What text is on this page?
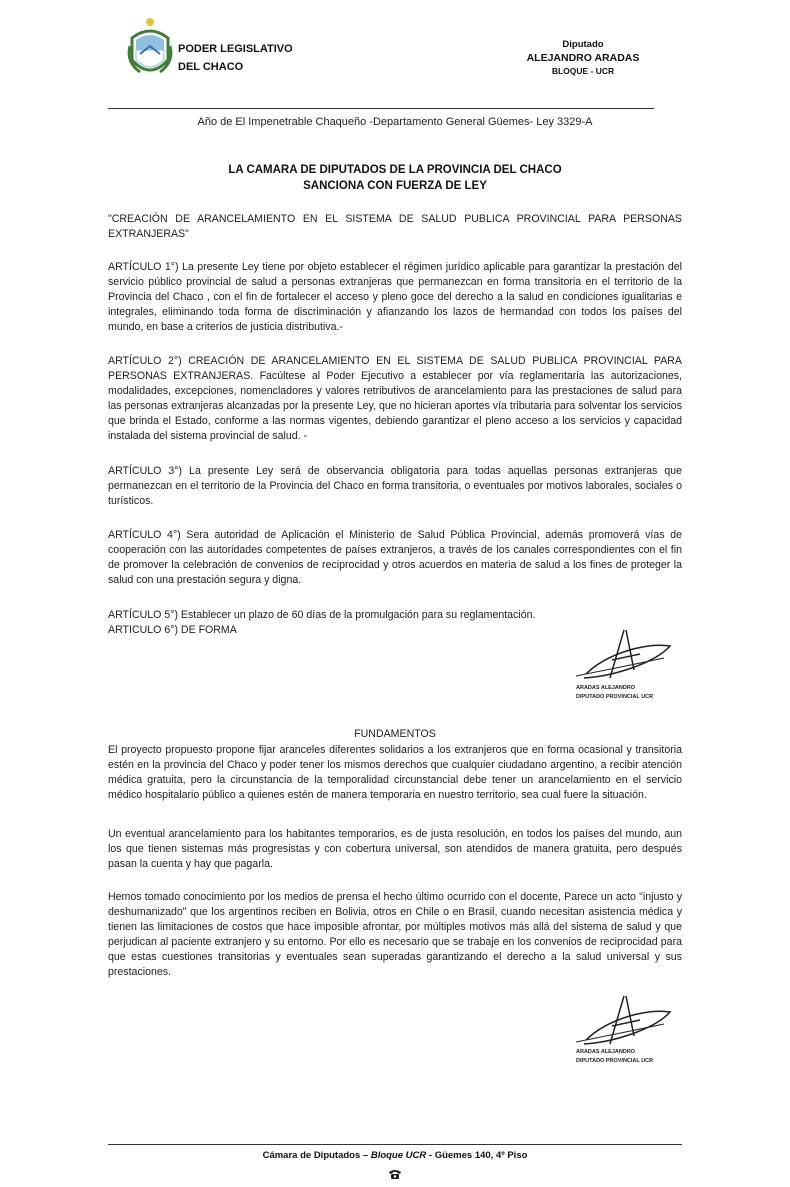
PODER LEGISLATIVO
DEL CHACO
Diputado
ALEJANDRO ARADAS
BLOQUE - UCR
Año de El Impenetrable Chaqueño -Departamento General Güemes- Ley 3329-A
LA CAMARA DE DIPUTADOS DE LA PROVINCIA DEL CHACO
SANCIONA CON FUERZA DE LEY

"CREACIÓN DE ARANCELAMIENTO EN EL SISTEMA DE SALUD PUBLICA PROVINCIAL PARA PERSONAS EXTRANJERAS"

ARTÍCULO 1°) La presente Ley tiene por objeto establecer el régimen jurídico aplicable para garantizar la prestación del servicio público provincial de salud a personas extranjeras que permanezcan en forma transitoria en el territorio de la Provincia del Chaco , con el fin de fortalecer el acceso y pleno goce del derecho a la salud en condiciones igualitarias e integrales, eliminando toda forma de discriminación y afianzando los lazos de hermandad con todos los países del mundo, en base a criterios de justicia distributiva.-

ARTÍCULO 2°) CREACIÓN DE ARANCELAMIENTO EN EL SISTEMA DE SALUD PUBLICA PROVINCIAL PARA PERSONAS EXTRANJERAS. Facúltese al Poder Ejecutivo a establecer por vía reglamentaria las autorizaciones, modalidades, excepciones, nomencladores y valores retributivos de arancelamiento para las prestaciones de salud para las personas extranjeras alcanzadas por la presente Ley, que no hicieran aportes vía tributaria para solventar los servicios que brinda el Estado, conforme a las normas vigentes, debiendo garantizar el pleno acceso a los servicios y capacidad instalada del sistema provincial de salud. -

ARTÍCULO 3°) La presente Ley será de observancia obligatoria para todas aquellas personas extranjeras que permanezcan en el territorio de la Provincia del Chaco en forma transitoria, o eventuales por motivos laborales, sociales o turísticos.

ARTÍCULO 4°) Sera autoridad de Aplicación el Ministerio de Salud Pública Provincial, además promoverá vías de cooperación con las autoridades competentes de países extranjeros, a través de los canales correspondientes con el fin de promover la celebración de convenios de reciprocidad y otros acuerdos en materia de salud a los fines de proteger la salud con una prestación segura y digna.

ARTÍCULO 5°) Establecer un plazo de 60 días de la promulgación para su reglamentación.

ARTICULO 6°) DE FORMA

ARADAS ALEJANDRO
DIPUTADO PROVINCIAL UCR
FUNDAMENTOS

El proyecto propuesto propone fijar aranceles diferentes solidarios a los extranjeros que en forma ocasional y transitoria estén en la provincia del Chaco y poder tener los mismos derechos que cualquier ciudadano argentino, a recibir atención médica gratuita, pero la circunstancia de la temporalidad circunstancial debe tener un arancelamiento en el servicio médico hospitalario público a quienes estén de manera temporaria en nuestro territorio, sea cual fuere la situación.

Un eventual arancelamiento para los habitantes temporarios, es de justa resolución, en todos los países del mundo, aun los que tienen sistemas más progresistas y con cobertura universal, son atendidos de manera gratuita, pero después pasan la cuenta y hay que pagarla.

Hemos tomado conocimiento por los medios de prensa el hecho último ocurrido con el docente, Parece un acto "injusto y deshumanizado" que los argentinos reciben en Bolivia, otros en Chile o en Brasil, cuando necesitan asistencia médica y tienen las limitaciones de costos que hace imposible afrontar, por múltiples motivos más allá del sistema de salud y que perjudican al paciente extranjero y su entorno. Por ello es necesario que se trabaje en los convenios de reciprocidad para que estas cuestiones transitorias y eventuales sean superadas garantizando el derecho a la salud universal y sus prestaciones.

ARADAS ALEJANDRO
DIPUTADO PROVINCIAL UCR
Cámara de Diputados – Bloque UCR - Güemes 140, 4º Piso
